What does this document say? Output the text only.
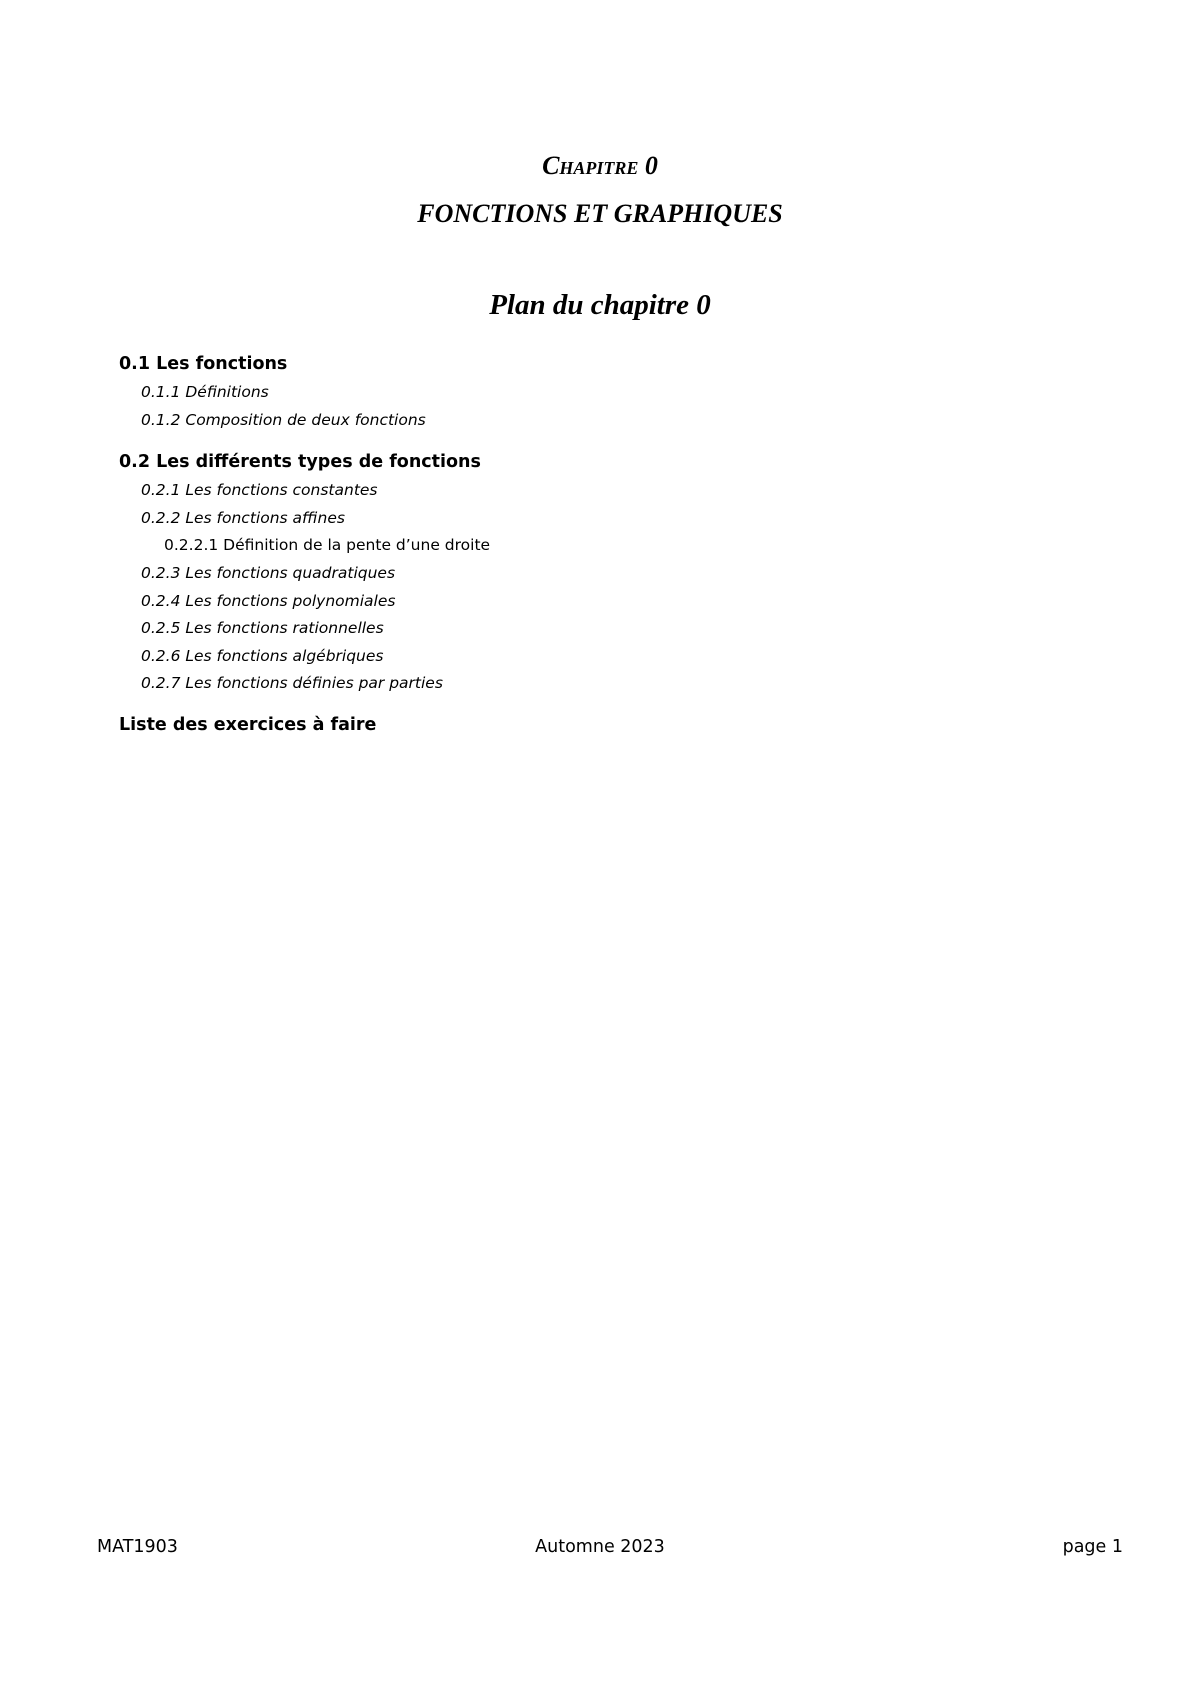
Chapitre 0
FONCTIONS ET GRAPHIQUES
Plan du chapitre 0
0.1 Les fonctions
0.1.1 Définitions
0.1.2 Composition de deux fonctions
0.2 Les différents types de fonctions
0.2.1 Les fonctions constantes
0.2.2 Les fonctions affines
0.2.2.1 Définition de la pente d’une droite
0.2.3 Les fonctions quadratiques
0.2.4 Les fonctions polynomiales
0.2.5 Les fonctions rationnelles
0.2.6 Les fonctions algébriques
0.2.7 Les fonctions définies par parties
Liste des exercices à faire
MAT1903	Automne 2023	page 1
